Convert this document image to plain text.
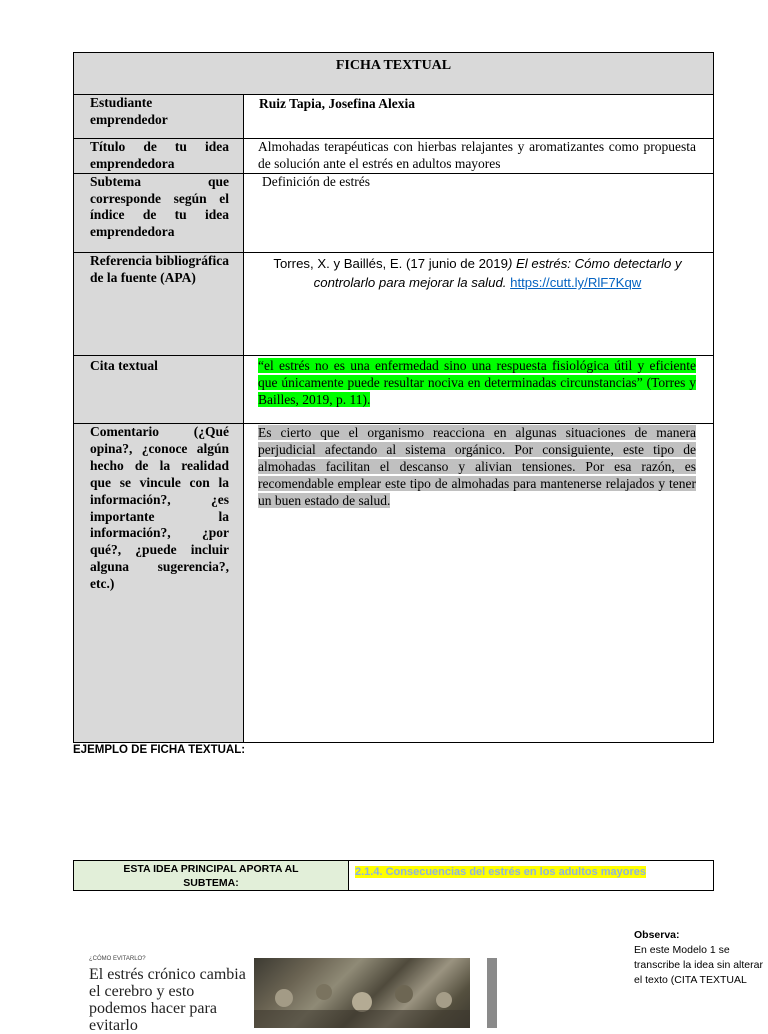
FICHA TEXTUAL
Estudiante emprendedor
Ruiz Tapia, Josefina Alexia
Título de tu idea emprendedora
Almohadas terapéuticas con hierbas relajantes y aromatizantes como propuesta de solución ante el estrés en adultos mayores
Subtema que corresponde según el índice de tu idea emprendedora
Definición de estrés
Referencia bibliográfica de la fuente (APA)
Torres, X. y Baillés, E. (17 junio de 2019) El estrés: Cómo detectarlo y controlarlo para mejorar la salud. https://cutt.ly/RlF7Kqw
Cita textual	“el estrés no es una enfermedad sino una respuesta fisiológica útil y eficiente que únicamente puede resultar nociva en determinadas circunstancias” (Torres y Bailles, 2019, p. 11).
Comentario (¿Qué opina?, ¿conoce algún hecho de la realidad que se vincule con la información?, ¿es importante la información?, ¿por qué?, ¿puede incluir alguna sugerencia?, etc.)
Es cierto que el organismo reacciona en algunas situaciones de manera perjudicial afectando al sistema orgánico. Por consiguiente, este tipo de almohadas facilitan el descanso y alivian tensiones. Por esa razón, es recomendable emplear este tipo de almohadas para mantenerse relajados y tener un buen estado de salud.
EJEMPLO DE FICHA TEXTUAL:
ESTA IDEA PRINCIPAL APORTA AL SUBTEMA:
2.1.4. Consecuencias del estrés en los adultos mayores
¿CÓMO EVITARLO?
El estrés crónico cambia el cerebro y esto podemos hacer para evitarlo
Observa:
En este Modelo 1 se transcribe la idea sin alterar el texto (CITA TEXTUAL
